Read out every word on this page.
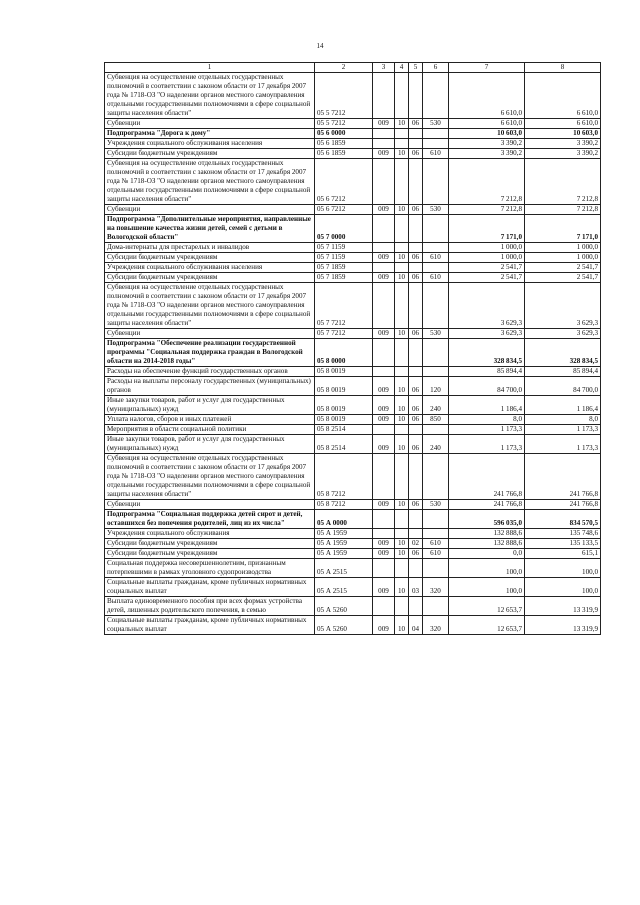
14
1	2	3	4	5	6	7	8
Субвенция на осуществление отдельных государственных полномочий в соответствии с законом области от 17 декабря 2007 года № 1718-ОЗ "О наделении органов местного самоуправления отдельными государственными полномочиями в сфере социальной защиты населения области"	05 5 7212					6 610,0	6 610,0
Субвенции	05 5 7212	009	10	06	530	6 610,0	6 610,0
Подпрограмма "Дорога к дому"	05 6 0000					10 603,0	10 603,0
Учреждения социального обслуживания населения	05 6 1859					3 390,2	3 390,2
Субсидии бюджетным учреждениям	05 6 1859	009	10	06	610	3 390,2	3 390,2
Субвенция на осуществление отдельных государственных полномочий в соответствии с законом области от 17 декабря 2007 года № 1718-ОЗ "О наделении органов местного самоуправления отдельными государственными полномочиями в сфере социальной защиты населения области"	05 6 7212					7 212,8	7 212,8
Субвенции	05 6 7212	009	10	06	530	7 212,8	7 212,8
Подпрограмма "Дополнительные мероприятия, направленные на повышение качества жизни детей, семей с детьми в Вологодской области"	05 7 0000					7 171,0	7 171,0
Дома-интернаты для престарелых и инвалидов	05 7 1159					1 000,0	1 000,0
Субсидии бюджетным учреждениям	05 7 1159	009	10	06	610	1 000,0	1 000,0
Учреждения социального обслуживания населения	05 7 1859					2 541,7	2 541,7
Субсидии бюджетным учреждениям	05 7 1859	009	10	06	610	2 541,7	2 541,7
Субвенция на осуществление отдельных государственных полномочий в соответствии с законом области от 17 декабря 2007 года № 1718-ОЗ "О наделении органов местного самоуправления отдельными государственными полномочиями в сфере социальной защиты населения области"	05 7 7212					3 629,3	3 629,3
Субвенции	05 7 7212	009	10	06	530	3 629,3	3 629,3
Подпрограмма "Обеспечение реализации государственной программы "Социальная поддержка граждан в Вологодской области на 2014-2018 годы"	05 8 0000					328 834,5	328 834,5
Расходы на обеспечение функций государственных органов	05 8 0019					85 894,4	85 894,4
Расходы на выплаты персоналу государственных (муниципальных) органов	05 8 0019	009	10	06	120	84 700,0	84 700,0
Иные закупки товаров, работ и услуг для государственных (муниципальных) нужд	05 8 0019	009	10	06	240	1 186,4	1 186,4
Уплата налогов, сборов и иных платежей	05 8 0019	009	10	06	850	8,0	8,0
Мероприятия в области социальной политики	05 8 2514					1 173,3	1 173,3
Иные закупки товаров, работ и услуг для государственных (муниципальных) нужд	05 8 2514	009	10	06	240	1 173,3	1 173,3
Субвенция на осуществление отдельных государственных полномочий в соответствии с законом области от 17 декабря 2007 года № 1718-ОЗ "О наделении органов местного самоуправления отдельными государственными полномочиями в сфере социальной защиты населения области"	05 8 7212					241 766,8	241 766,8
Субвенции	05 8 7212	009	10	06	530	241 766,8	241 766,8
Подпрограмма "Социальная поддержка детей сирот и детей, оставшихся без попечения родителей, лиц из их числа"	05 А 0000					596 035,0	834 570,5
Учреждения социального обслуживания	05 А 1959					132 888,6	135 748,6
Субсидии бюджетным учреждениям	05 А 1959	009	10	02	610	132 888,6	135 133,5
Субсидии бюджетным учреждениям	05 А 1959	009	10	06	610	0,0	615,1
Социальная поддержка несовершеннолетним, признанным потерпевшими в рамках уголовного судопроизводства	05 А 2515					100,0	100,0
Социальные выплаты гражданам, кроме публичных нормативных социальных выплат	05 А 2515	009	10	03	320	100,0	100,0
Выплата единовременного пособия при всех формах устройства детей, лишенных родительского попечения, в семью	05 А 5260					12 653,7	13 319,9
Социальные выплаты гражданам, кроме публичных нормативных социальных выплат	05 А 5260	009	10	04	320	12 653,7	13 319,9
